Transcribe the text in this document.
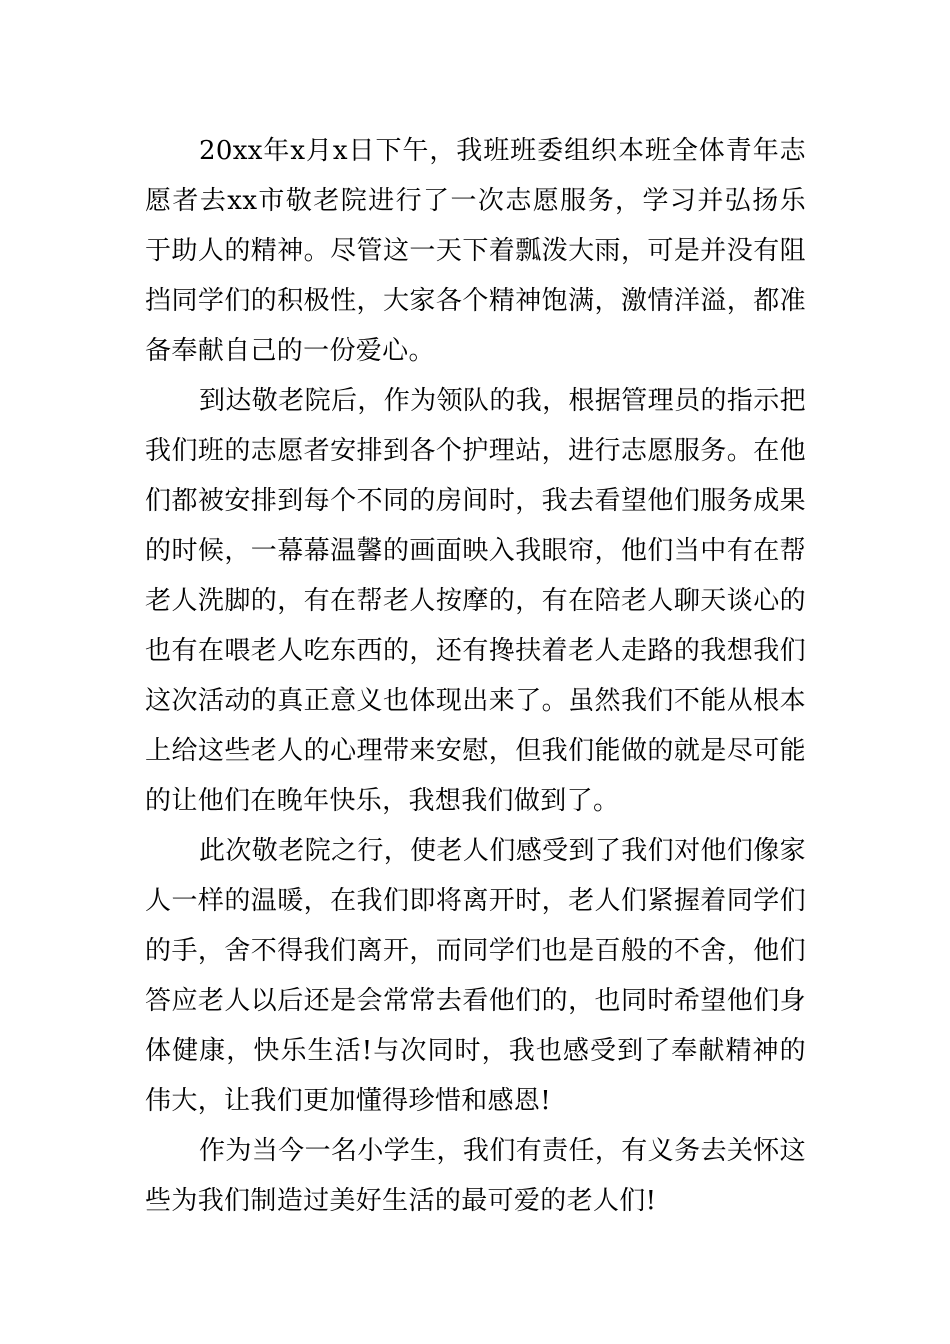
20xx年x月x日下午，我班班委组织本班全体青年志愿者去xx市敬老院进行了一次志愿服务，学习并弘扬乐于助人的精神。尽管这一天下着瓢泼大雨，可是并没有阻挡同学们的积极性，大家各个精神饱满，激情洋溢，都准备奉献自己的一份爱心。

到达敬老院后，作为领队的我，根据管理员的指示把我们班的志愿者安排到各个护理站，进行志愿服务。在他们都被安排到每个不同的房间时，我去看望他们服务成果的时候，一幕幕温馨的画面映入我眼帘，他们当中有在帮老人洗脚的，有在帮老人按摩的，有在陪老人聊天谈心的也有在喂老人吃东西的，还有搀扶着老人走路的我想我们这次活动的真正意义也体现出来了。虽然我们不能从根本上给这些老人的心理带来安慰，但我们能做的就是尽可能的让他们在晚年快乐，我想我们做到了。

此次敬老院之行，使老人们感受到了我们对他们像家人一样的温暖，在我们即将离开时，老人们紧握着同学们的手，舍不得我们离开，而同学们也是百般的不舍，他们答应老人以后还是会常常去看他们的，也同时希望他们身体健康，快乐生活!与次同时，我也感受到了奉献精神的伟大，让我们更加懂得珍惜和感恩!

作为当今一名小学生，我们有责任，有义务去关怀这些为我们制造过美好生活的最可爱的老人们!
